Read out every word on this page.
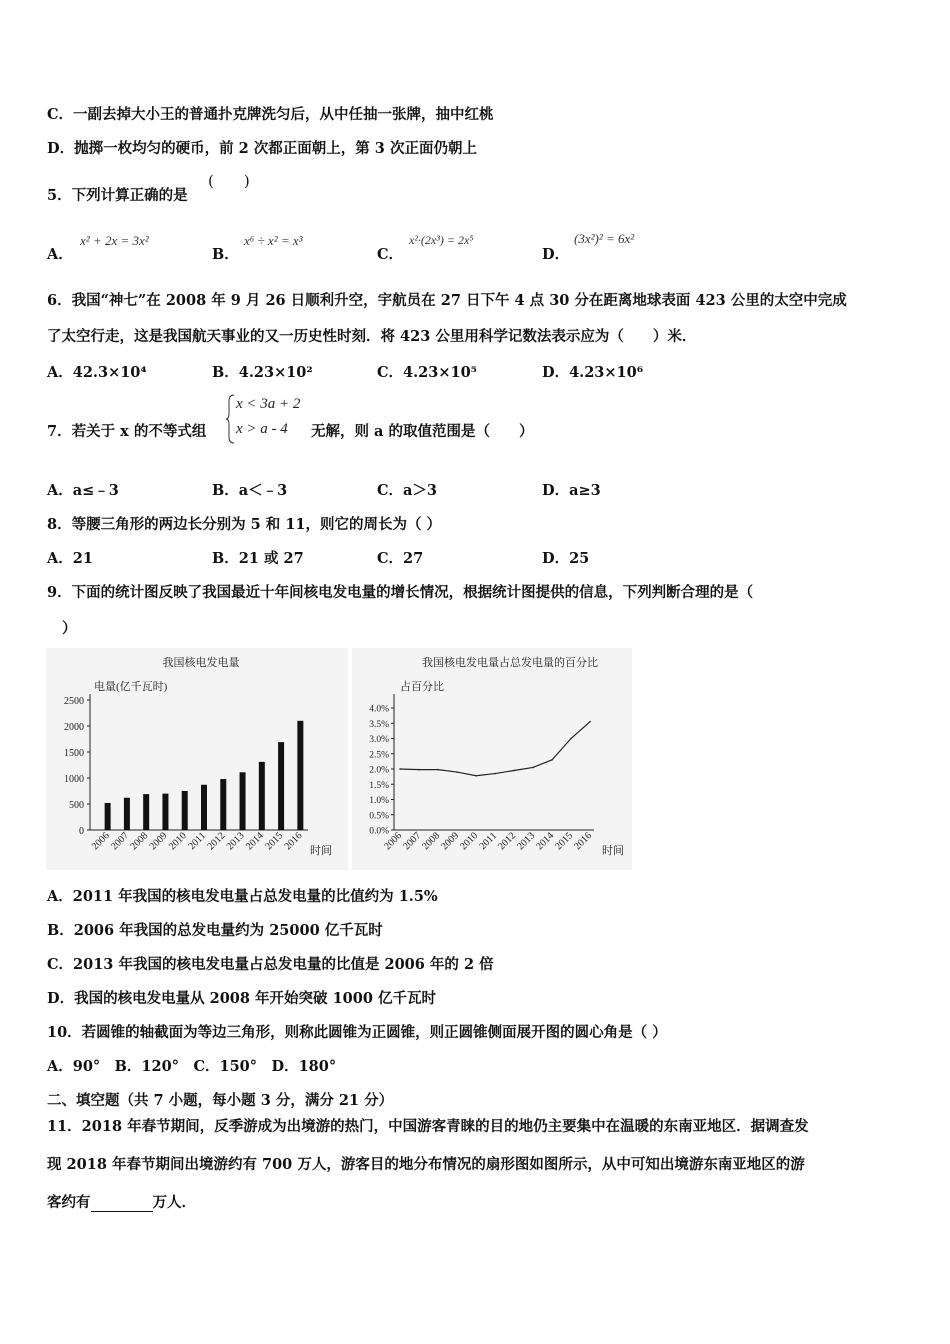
C．一副去掉大小王的普通扑克牌洗匀后，从中任抽一张牌，抽中红桃
D．抛掷一枚均匀的硬币，前 2 次都正面朝上，第 3 次正面仍朝上
5．下列计算正确的是
(　　)
A．
x² + 2x = 3x²
B．
x⁶ ÷ x² = x³
C．
x²·(2x³) = 2x⁵
D．
(3x²)² = 6x²
6．我国“神七”在 2008 年 9 月 26 日顺利升空，宇航员在 27 日下午 4 点 30 分在距离地球表面 423 公里的太空中完成
了太空行走，这是我国航天事业的又一历史性时刻．将 423 公里用科学记数法表示应为（　　）米．
A．42.3×10⁴	B．4.23×10²	C．4.23×10⁵	D．4.23×10⁶
7．若关于 x 的不等式组
x < 3a + 2
x > a - 4 无解，则 a 的取值范围是（　　）
A．a≤﹣3	B．a＜﹣3	C．a＞3	D．a≥3
8．等腰三角形的两边长分别为 5 和 11，则它的周长为（ ）
A．21	B．21 或 27	C．27	D．25
9．下面的统计图反映了我国最近十年间核电发电量的增长情况，根据统计图提供的信息，下列判断合理的是（
）
我国核电发电量
电量(亿千瓦时)
时间
0
500
1000
1500
2000
2500
2006
2007
2008
2009
2010
2011
2012
2013
2014
2015
2016
我国核电发电量占总发电量的百分比
占百分比
时间
0.0%
0.5%
1.0%
1.5%
2.0%
2.5%
3.0%
3.5%
4.0%
2006
2007
2008
2009
2010
2011
2012
2013
2014
2015
2016
A．2011 年我国的核电发电量占总发电量的比值约为 1.5%
B．2006 年我国的总发电量约为 25000 亿千瓦时
C．2013 年我国的核电发电量占总发电量的比值是 2006 年的 2 倍
D．我国的核电发电量从 2008 年开始突破 1000 亿千瓦时
10．若圆锥的轴截面为等边三角形，则称此圆锥为正圆锥，则正圆锥侧面展开图的圆心角是（ ）
A．90°　B．120°　C．150°　D．180°
二、填空题（共 7 小题，每小题 3 分，满分 21 分）
11．2018 年春节期间，反季游成为出境游的热门，中国游客青睐的目的地仍主要集中在温暖的东南亚地区．据调查发
现 2018 年春节期间出境游约有 700 万人，游客目的地分布情况的扇形图如图所示，从中可知出境游东南亚地区的游
客约有	万人．
